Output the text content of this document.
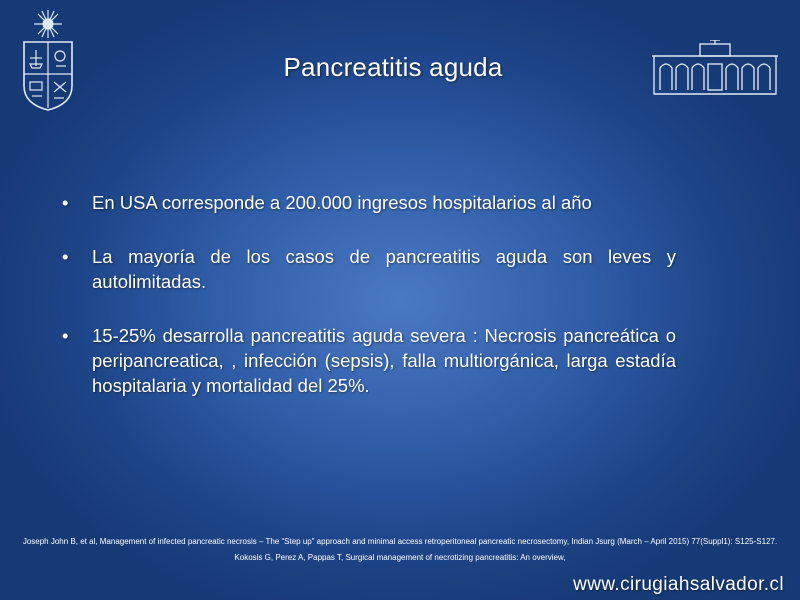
Pancreatitis aguda
• En USA corresponde a 200.000 ingresos hospitalarios al año
• La mayoría de los casos de pancreatitis aguda son leves y autolimitadas.
• 15-25% desarrolla pancreatitis aguda severa : Necrosis pancreática o peripancreatica, , infección (sepsis), falla multiorgánica, larga estadía hospitalaria y mortalidad del 25%.
Joseph John B, et al, Management of infected pancreatic necrosis – The “Step up” approach and minimal access retroperitoneal pancreatic necrosectomy, Indian Jsurg (March – April 2015) 77(Suppl1): S125-S127.
Kokosis G, Perez A, Pappas T, Surgical management of necrotizing pancreatitis: An overview,
www.cirugiahsalvador.cl
